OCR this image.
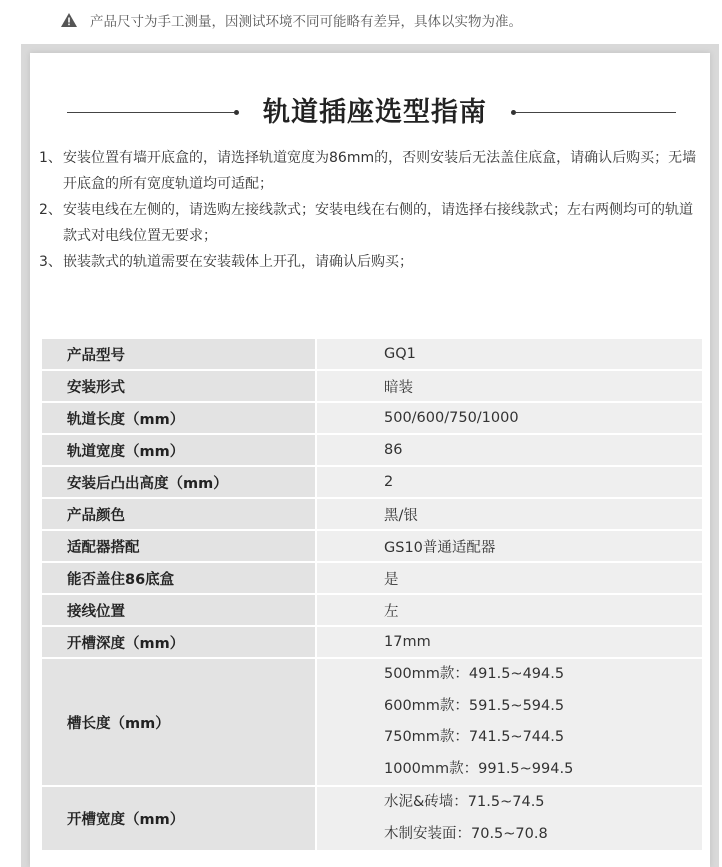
产品尺寸为手工测量，因测试环境不同可能略有差异，具体以实物为准。
轨道插座选型指南
1、 安装位置有墙开底盒的，请选择轨道宽度为86mm的，否则安装后无法盖住底盒，请确认后购买；无墙开底盒的所有宽度轨道均可适配；
2、 安装电线在左侧的，请选购左接线款式；安装电线在右侧的，请选择右接线款式；左右两侧均可的轨道款式对电线位置无要求；
3、 嵌装款式的轨道需要在安装载体上开孔，请确认后购买；
产品型号		GQ1
安装形式		暗装
轨道长度（mm）		500/600/750/1000
轨道宽度（mm）		86
安装后凸出高度（mm）		2
产品颜色		黑/银
适配器搭配		GS10普通适配器
能否盖住86底盒		是
接线位置		左
开槽深度（mm）		17mm
槽长度（mm）		500mm款：491.5~494.5
600mm款：591.5~594.5
750mm款：741.5~744.5
1000mm款：991.5~994.5

开槽宽度（mm）		水泥&砖墙：71.5~74.5
木制安装面：70.5~70.8
